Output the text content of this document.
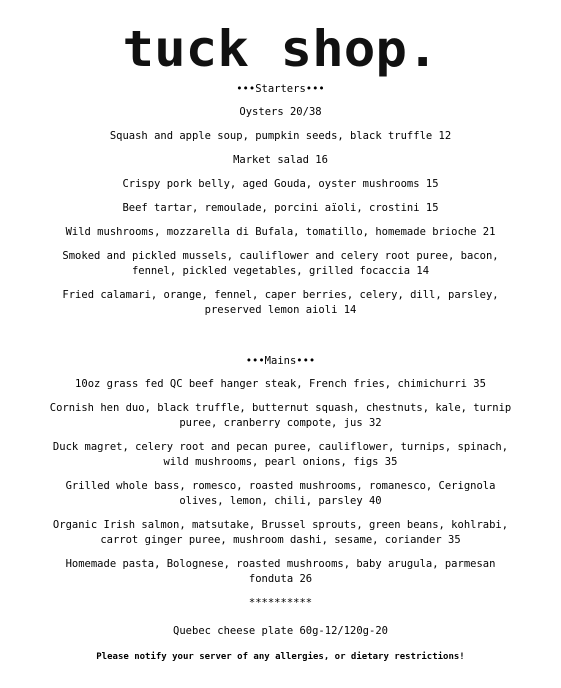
tuck shop.
•••Starters•••
Oysters 20/38
Squash and apple soup, pumpkin seeds, black truffle 12
Market salad 16
Crispy pork belly, aged Gouda, oyster mushrooms 15
Beef tartar, remoulade, porcini aïoli, crostini 15
Wild mushrooms, mozzarella di Bufala, tomatillo, homemade brioche 21
Smoked and pickled mussels, cauliflower and celery root puree, bacon,
fennel, pickled vegetables, grilled focaccia 14
Fried calamari, orange, fennel, caper berries, celery, dill, parsley,
preserved lemon aioli 14
•••Mains•••
10oz grass fed QC beef hanger steak, French fries, chimichurri 35
Cornish hen duo, black truffle, butternut squash, chestnuts, kale, turnip
puree, cranberry compote, jus 32
Duck magret, celery root and pecan puree, cauliflower, turnips, spinach,
wild mushrooms, pearl onions, figs 35
Grilled whole bass, romesco, roasted mushrooms, romanesco, Cerignola
olives, lemon, chili, parsley 40
Organic Irish salmon, matsutake, Brussel sprouts, green beans, kohlrabi,
carrot ginger puree, mushroom dashi, sesame, coriander 35
Homemade pasta, Bolognese, roasted mushrooms, baby arugula, parmesan
fonduta 26
**********
Quebec cheese plate 60g-12/120g-20
Please notify your server of any allergies, or dietary restrictions!
